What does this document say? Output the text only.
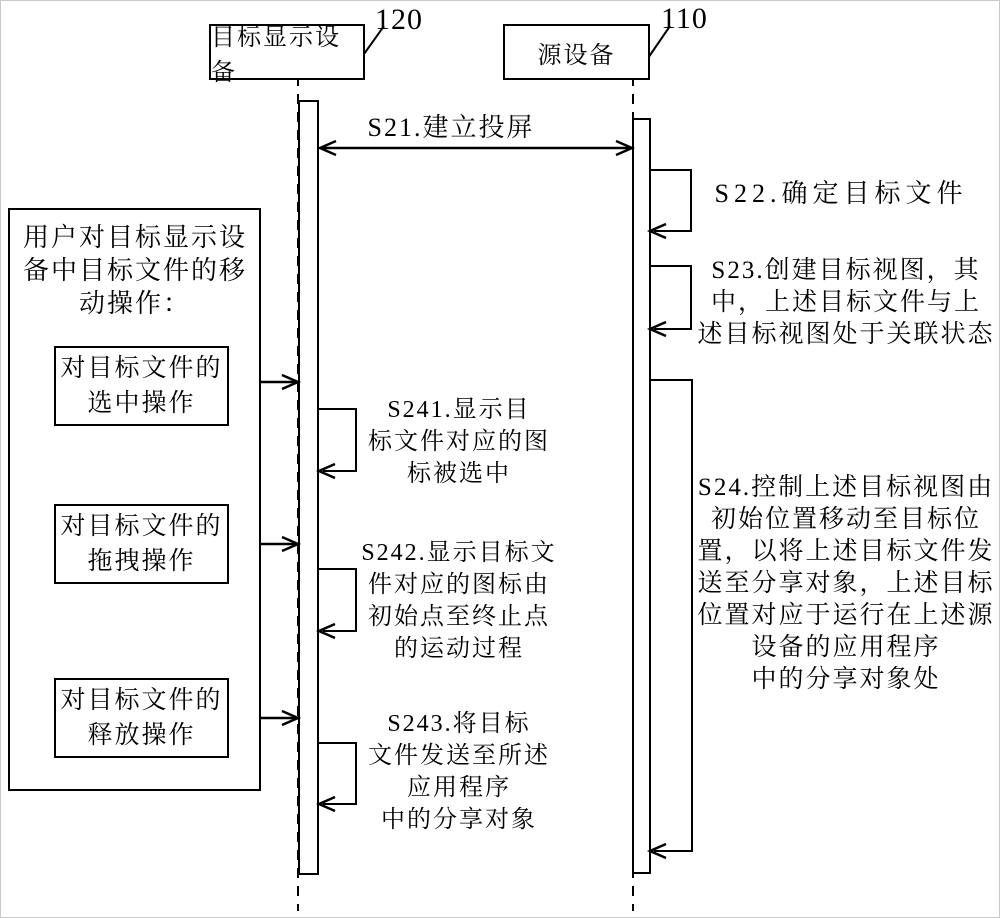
目标显示设备
120
源设备
110
用户对目标显示设
备中目标文件的移
动操作：
对目标文件的
选中操作
对目标文件的
拖拽操作
对目标文件的
释放操作
S21.建立投屏
S22.确定目标文件
S23.创建目标视图，其
中，上述目标文件与上
述目标视图处于关联状态
S24.控制上述目标视图由
初始位置移动至目标位
置，以将上述目标文件发
送至分享对象，上述目标
位置对应于运行在上述源
设备的应用程序
中的分享对象处
S241.显示目
标文件对应的图
标被选中
S242.显示目标文
件对应的图标由
初始点至终止点
的运动过程
S243.将目标
文件发送至所述
应用程序
中的分享对象
